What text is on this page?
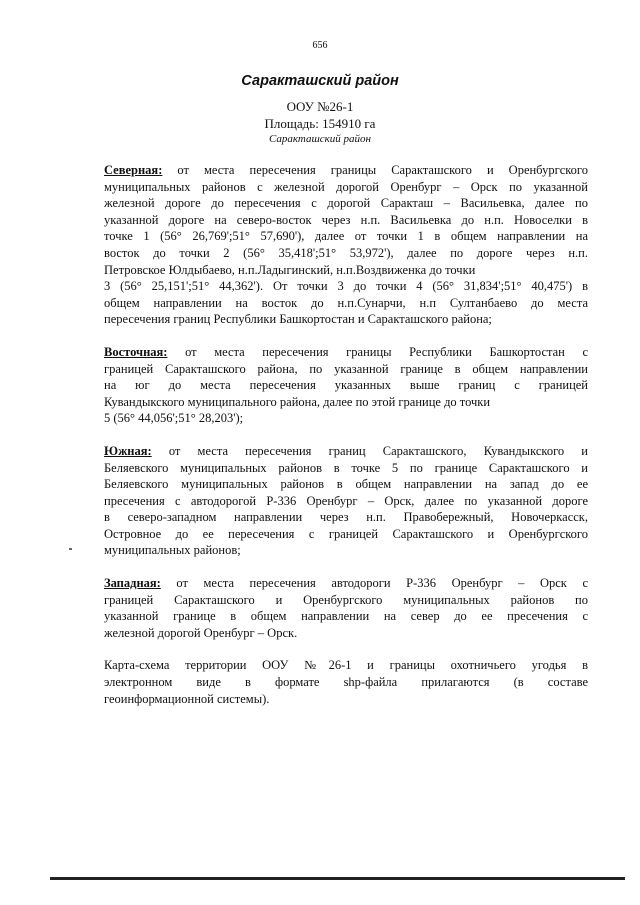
656
Саракташский район
ООУ №26-1
Площадь: 154910 га
Саракташский район
Северная: от места пересечения границы Саракташского и Оренбургского
муниципальных районов с железной дорогой Оренбург – Орск по указанной
железной дороге до пересечения с дорогой Саракташ – Васильевка, далее по
указанной дороге на северо-восток через н.п. Васильевка до н.п. Новоселки в
точке 1 (56° 26,769';51° 57,690'), далее от точки 1 в общем направлении на
восток до точки 2 (56° 35,418';51° 53,972'), далее по дороге через н.п.
Петровское Юлдыбаево, н.п.Ладыгинский, н.п.Воздвиженка до точки
3 (56° 25,151';51° 44,362'). От точки 3 до точки 4 (56° 31,834';51° 40,475') в
общем направлении на восток до н.п.Сунарчи, н.п Султанбаево до места
пересечения границ Республики Башкортостан и Саракташского района;
Восточная: от места пересечения границы Республики Башкортостан с
границей Саракташского района, по указанной границе в общем направлении
на юг до места пересечения указанных выше границ с границей
Кувандыкского муниципального района, далее по этой границе до точки
5 (56° 44,056';51° 28,203');
Южная: от места пересечения границ Саракташского, Кувандыкского и
Беляевского муниципальных районов в точке 5 по границе Саракташского и
Беляевского муниципальных районов в общем направлении на запад до ее
пресечения с автодорогой Р-336 Оренбург – Орск, далее по указанной дороге
в северо-западном направлении через н.п. Правобережный, Новочеркасск,
Островное до ее пересечения с границей Саракташского и Оренбургского
муниципальных районов;
Западная: от места пересечения автодороги Р-336 Оренбург – Орск с
границей Саракташского и Оренбургского муниципальных районов по
указанной границе в общем направлении на север до ее пресечения с
железной дорогой Оренбург – Орск.
Карта-схема территории ООУ №26-1 и границы охотничьего угодья в
электронном виде в формате shp-файла прилагаются (в составе
геоинформационной системы).
